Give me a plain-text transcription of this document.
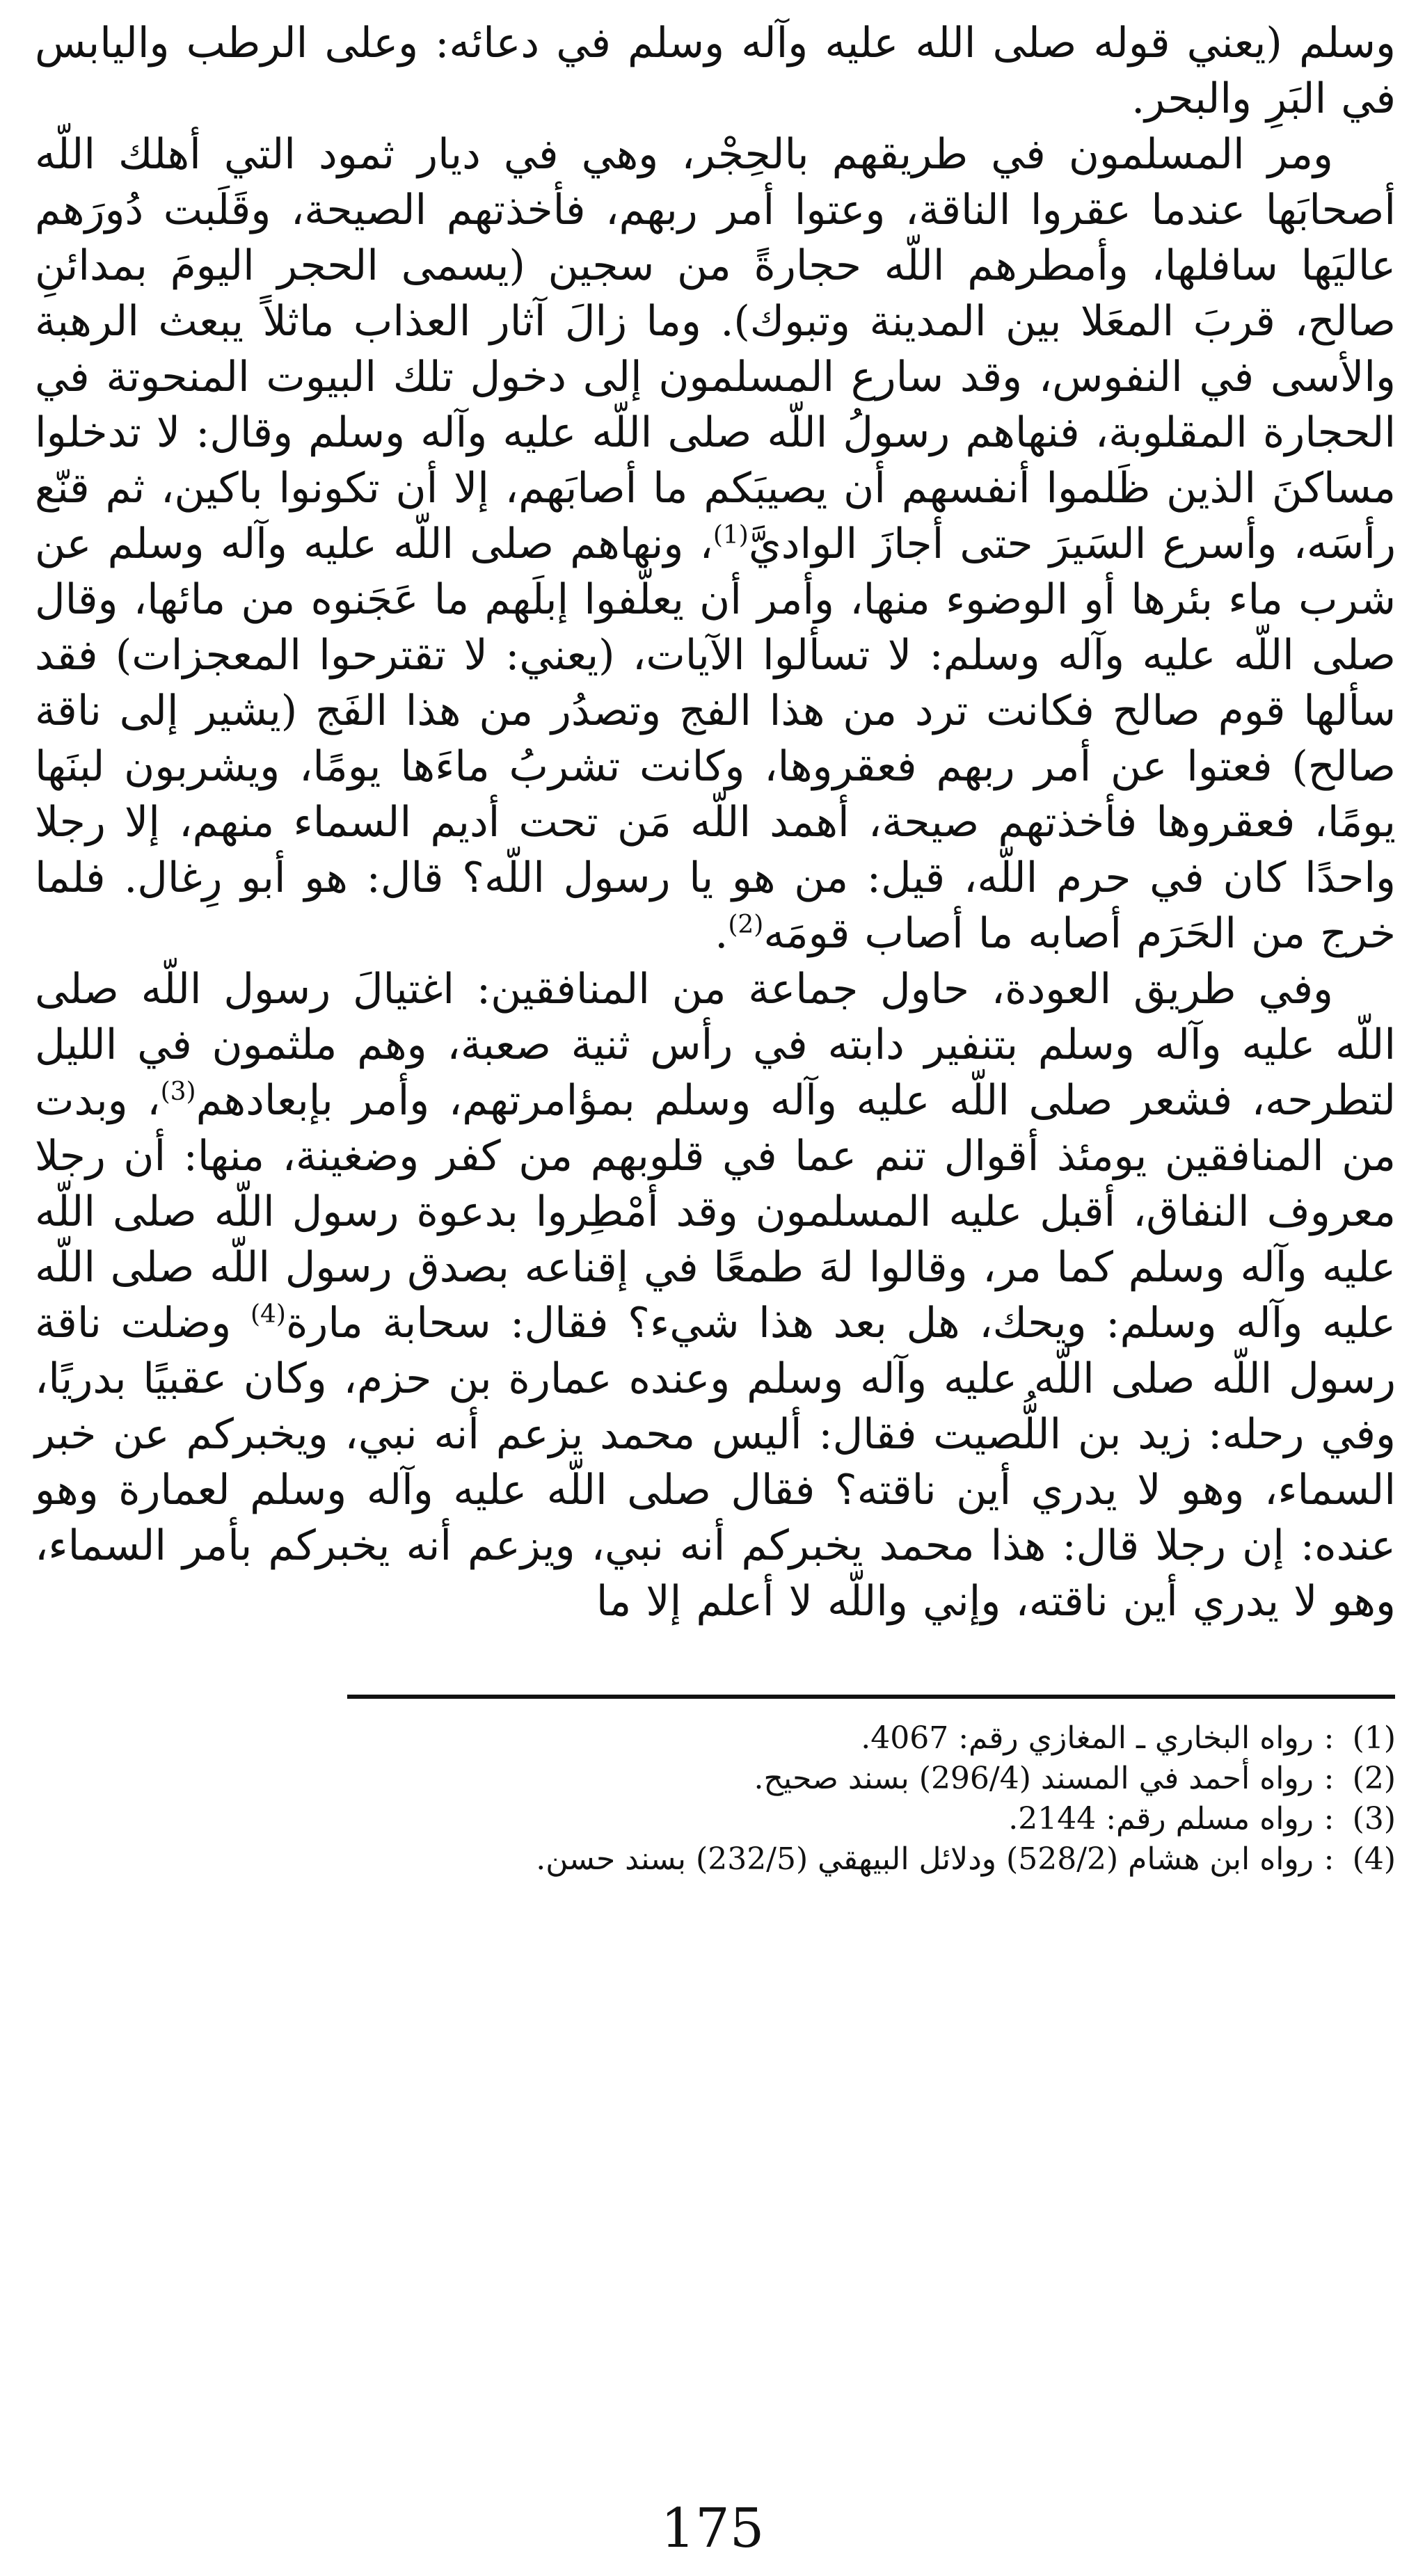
وسلم (يعني قوله صلى الله عليه وآله وسلم في دعائه: وعلى الرطب واليابس في البَرِ والبحر.

ومر المسلمون في طريقهم بالحِجْر، وهي في ديار ثمود التي أهلك اللّه أصحابَها عندما عقروا الناقة، وعتوا أمر ربهم، فأخذتهم الصيحة، وقَلَبت دُورَهم عاليَها سافلها، وأمطرهم اللّه حجارةً من سجين (يسمى الحجر اليومَ بمدائنِ صالح، قربَ المعَلا بين المدينة وتبوك). وما زالَ آثار العذاب ماثلاً يبعث الرهبة والأسى في النفوس، وقد سارع المسلمون إلى دخول تلك البيوت المنحوتة في الحجارة المقلوبة، فنهاهم رسولُ اللّه صلى اللّه عليه وآله وسلم وقال: لا تدخلوا مساكنَ الذين ظَلموا أنفسهم أن يصيبَكم ما أصابَهم، إلا أن تكونوا باكين، ثم قنّع رأسَه، وأسرع السَيرَ حتى أجازَ الواديَّ$^{(1)}$، ونهاهم صلى اللّه عليه وآله وسلم عن شرب ماء بئرها أو الوضوء منها، وأمر أن يعلّفوا إبلَهم ما عَجَنوه من مائها، وقال صلى اللّه عليه وآله وسلم: لا تسألوا الآيات، (يعني: لا تقترحوا المعجزات) فقد سألها قوم صالح فكانت ترد من هذا الفج وتصدُر من هذا الفَج (يشير إلى ناقة صالح) فعتوا عن أمر ربهم فعقروها، وكانت تشربُ ماءَها يومًا، ويشربون لبنَها يومًا، فعقروها فأخذتهم صيحة، أهمد اللّه مَن تحت أديم السماء منهم، إلا رجلا واحدًا كان في حرم اللّه، قيل: من هو يا رسول اللّه؟ قال: هو أبو رِغال. فلما خرج من الحَرَم أصابه ما أصاب قومَه$^{(2)}$.

وفي طريق العودة، حاول جماعة من المنافقين: اغتيالَ رسول اللّه صلى اللّه عليه وآله وسلم بتنفير دابته في رأس ثنية صعبة، وهم ملثمون في الليل لتطرحه، فشعر صلى اللّه عليه وآله وسلم بمؤامرتهم، وأمر بإبعادهم$^{(3)}$، وبدت من المنافقين يومئذ أقوال تنم عما في قلوبهم من كفر وضغينة، منها: أن رجلا معروف النفاق، أقبل عليه المسلمون وقد أمْطِروا بدعوة رسول اللّه صلى اللّه عليه وآله وسلم كما مر، وقالوا لهَ طمعًا في إقناعه بصدق رسول اللّه صلى اللّه عليه وآله وسلم: ويحك، هل بعد هذا شيء؟ فقال: سحابة مارة$^{(4)}$ وضلت ناقة رسول اللّه صلى اللّه عليه وآله وسلم وعنده عمارة بن حزم، وكان عقبيًا بدريًا، وفي رحله: زيد بن اللُّصيت فقال: أليس محمد يزعم أنه نبي، ويخبركم عن خبر السماء، وهو لا يدري أين ناقته؟ فقال صلى اللّه عليه وآله وسلم لعمارة وهو عنده: إن رجلا قال: هذا محمد يخبركم أنه نبي، ويزعم أنه يخبركم بأمر السماء، وهو لا يدري أين ناقته، وإني واللّه لا أعلم إلا ما

(1)
:
رواه البخاري ـ المغازي رقم: 4067.
(2)
:
رواه أحمد في المسند (296/4) بسند صحيح.
(3)
:
رواه مسلم رقم: 2144.
(4)
:
رواه ابن هشام (528/2) ودلائل البيهقي (232/5) بسند حسن.
175
